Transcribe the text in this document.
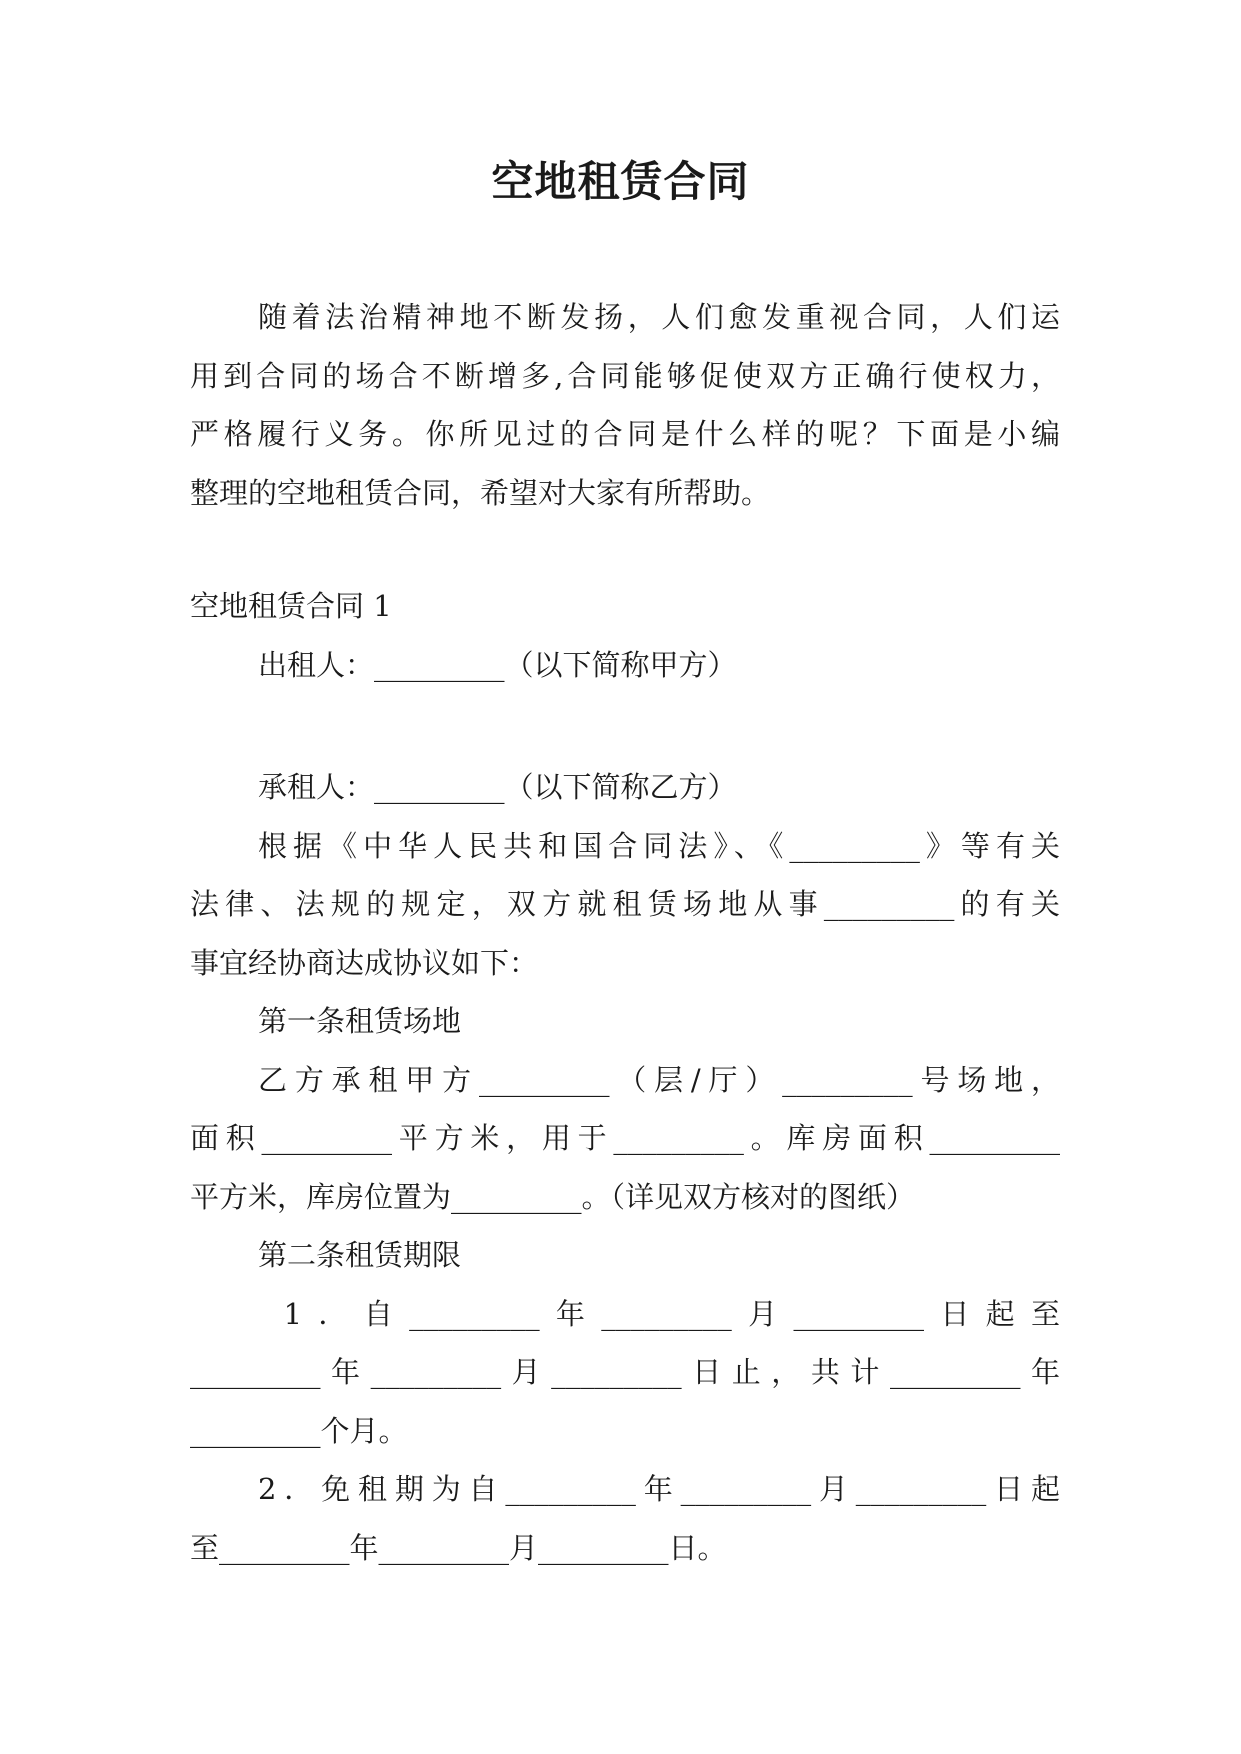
空地租赁合同

随着法治精神地不断发扬，人们愈发重视合同，人们运

用到合同的场合不断增多,合同能够促使双方正确行使权力，

严格履行义务。你所见过的合同是什么样的呢？下面是小编

整理的空地租赁合同，希望对大家有所帮助。

空地租赁合同 1

出租人：_________（以下简称甲方）

承租人：_________（以下简称乙方）

根据《中华人民共和国合同法》、《_________》等有关

法律、法规的规定，双方就租赁场地从事_________的有关

事宜经协商达成协议如下：

第一条租赁场地

乙方承租甲方_________（层/厅）_________号场地，

面积_________平方米，用于_________。库房面积_________

平方米，库房位置为_________。（详见双方核对的图纸）

第二条租赁期限

1．自_________年_________月_________日起至

_________年_________月_________日止，共计_________年

_________个月。

2．免租期为自_________年_________月_________日起

至_________年_________月_________日。
